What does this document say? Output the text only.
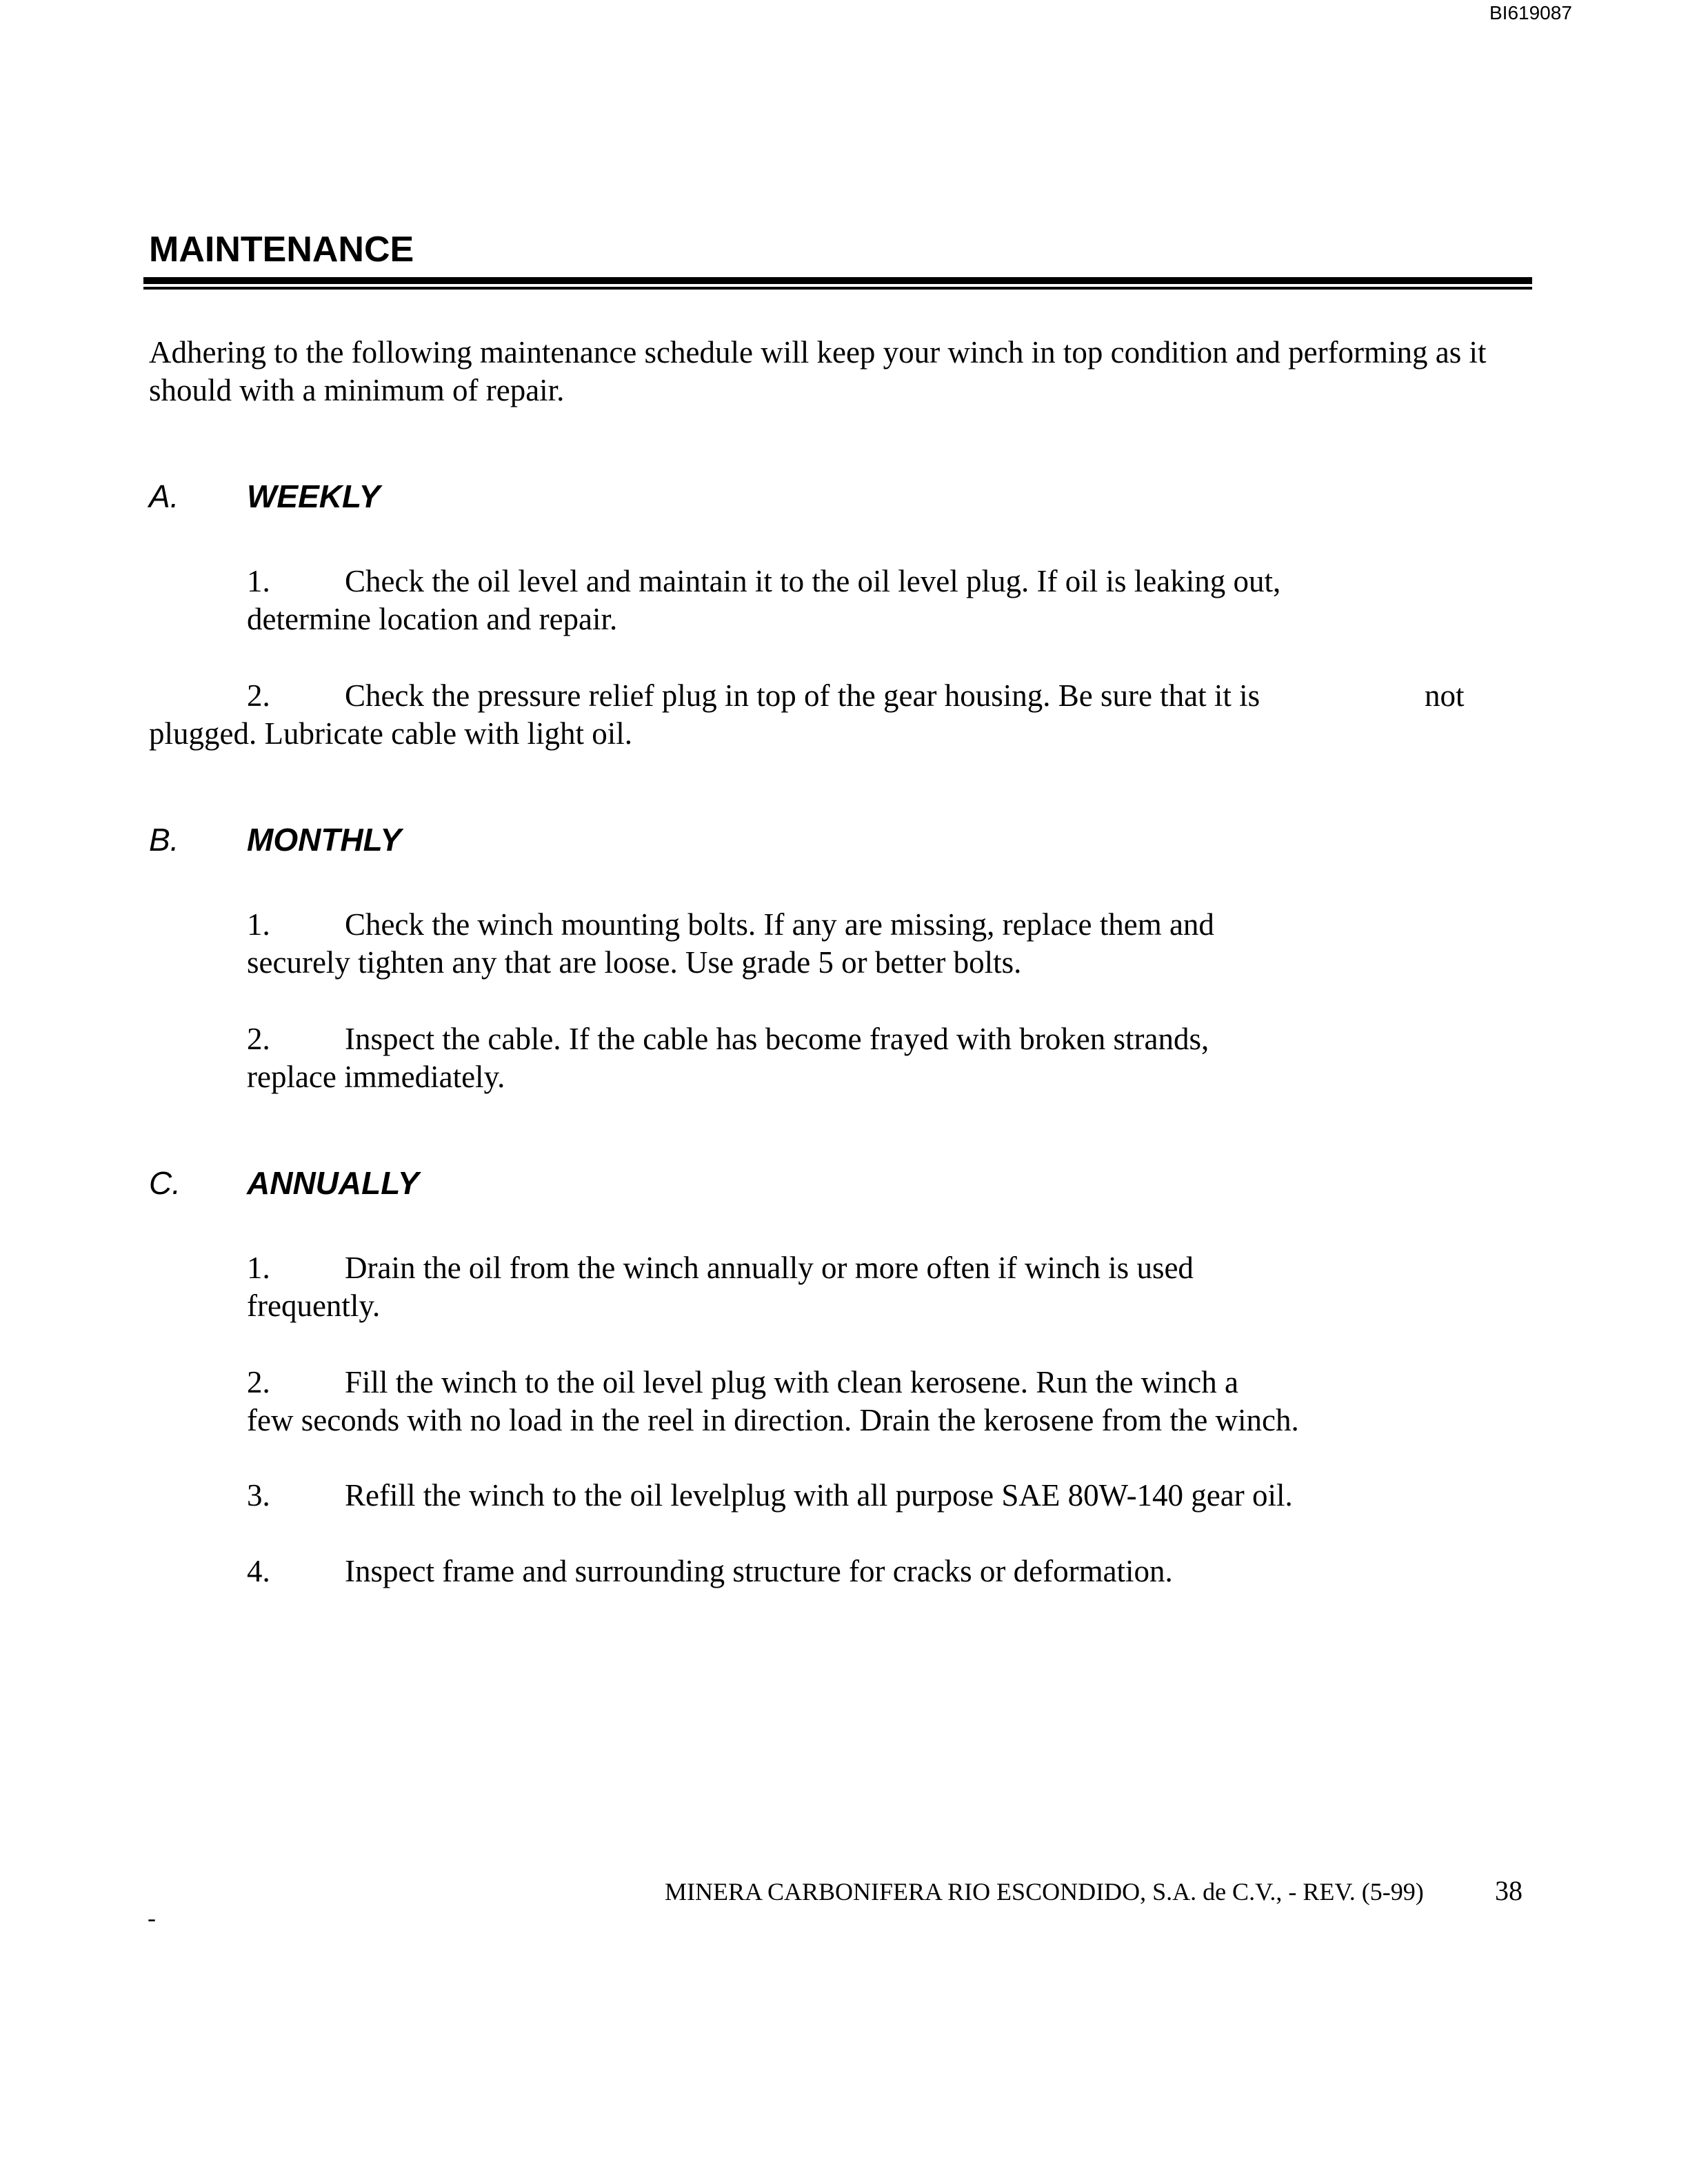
BI619087
MAINTENANCE
Adhering to the following maintenance schedule will keep your winch in top condition and performing as it should with a minimum of repair.
A. WEEKLY
1. Check the oil level and maintain it to the oil level plug. If oil is leaking out,
determine location and repair.
2. Check the pressure relief plug in top of the gear housing. Be sure that it is	not
plugged. Lubricate cable with light oil.
B. MONTHLY
1. Check the winch mounting bolts. If any are missing, replace them and
securely tighten any that are loose. Use grade 5 or better bolts.
2. Inspect the cable. If the cable has become frayed with broken strands,
replace immediately.
C. ANNUALLY
1. Drain the oil from the winch annually or more often if winch is used
frequently.
2. Fill the winch to the oil level plug with clean kerosene. Run the winch a
few seconds with no load in the reel in direction. Drain the kerosene from the winch.
3. Refill the winch to the oil levelplug with all purpose SAE 80W-140 gear oil.
4. Inspect frame and surrounding structure for cracks or deformation.
MINERA CARBONIFERA RIO ESCONDIDO, S.A. de C.V., - REV. (5-99)	38
-
